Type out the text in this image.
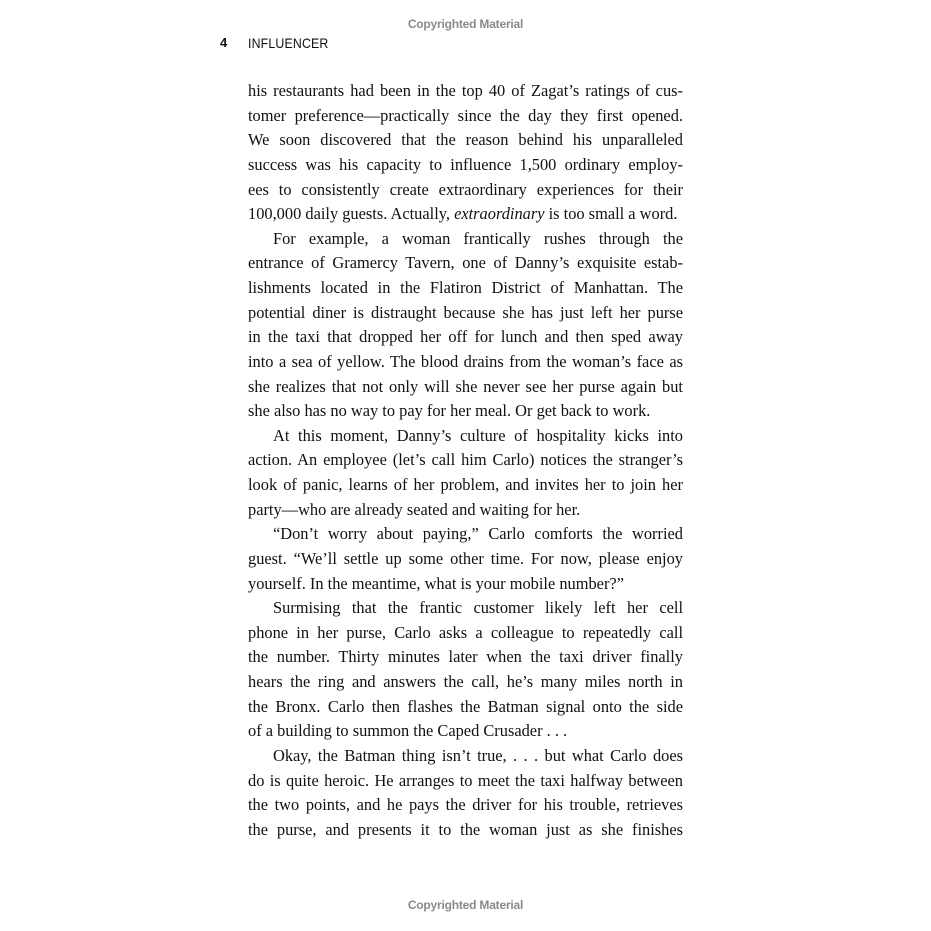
Copyrighted Material
4 INFLUENCER
his restaurants had been in the top 40 of Zagat’s ratings of cus-
tomer preference—practically since the day they first opened.
We soon discovered that the reason behind his unparalleled
success was his capacity to influence 1,500 ordinary employ-
ees to consistently create extraordinary experiences for their
100,000 daily guests. Actually, extraordinary is too small a word.
For example, a woman frantically rushes through the
entrance of Gramercy Tavern, one of Danny’s exquisite estab-
lishments located in the Flatiron District of Manhattan. The
potential diner is distraught because she has just left her purse
in the taxi that dropped her off for lunch and then sped away
into a sea of yellow. The blood drains from the woman’s face as
she realizes that not only will she never see her purse again but
she also has no way to pay for her meal. Or get back to work.
At this moment, Danny’s culture of hospitality kicks into
action. An employee (let’s call him Carlo) notices the stranger’s
look of panic, learns of her problem, and invites her to join her
party—who are already seated and waiting for her.
“Don’t worry about paying,” Carlo comforts the worried
guest. “We’ll settle up some other time. For now, please enjoy
yourself. In the meantime, what is your mobile number?”
Surmising that the frantic customer likely left her cell
phone in her purse, Carlo asks a colleague to repeatedly call
the number. Thirty minutes later when the taxi driver finally
hears the ring and answers the call, he’s many miles north in
the Bronx. Carlo then flashes the Batman signal onto the side
of a building to summon the Caped Crusader . . .
Okay, the Batman thing isn’t true, . . . but what Carlo does
do is quite heroic. He arranges to meet the taxi halfway between
the two points, and he pays the driver for his trouble, retrieves
the purse, and presents it to the woman just as she finishes
Copyrighted Material
